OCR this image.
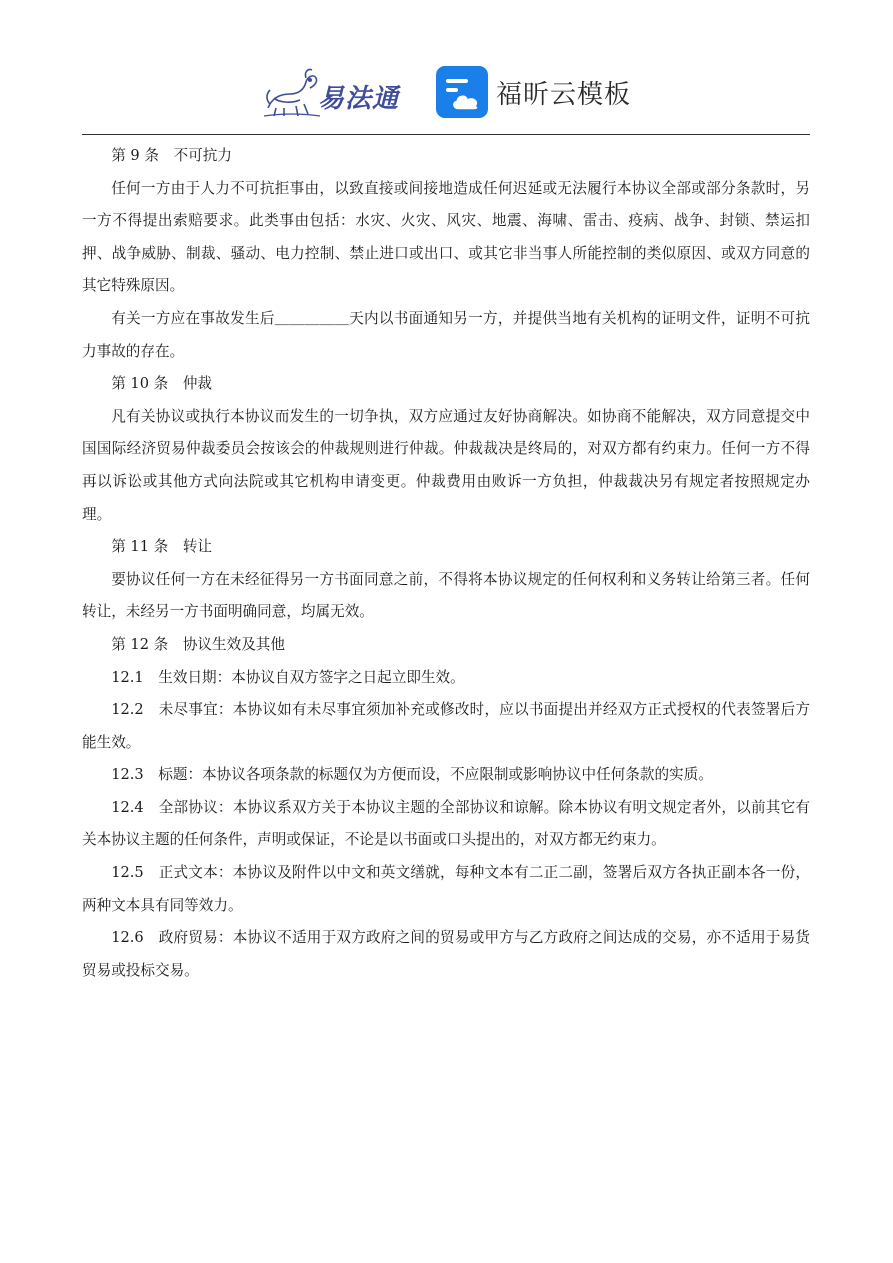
易法通	福昕云模板

第 9 条　不可抗力

任何一方由于人力不可抗拒事由，以致直接或间接地造成任何迟延或无法履行本协议全部或部分条款时，另一方不得提出索赔要求。此类事由包括：水灾、火灾、风灾、地震、海啸、雷击、疫病、战争、封锁、禁运扣押、战争威胁、制裁、骚动、电力控制、禁止进口或出口、或其它非当事人所能控制的类似原因、或双方同意的其它特殊原因。

有关一方应在事故发生后＿＿＿＿＿天内以书面通知另一方，并提供当地有关机构的证明文件，证明不可抗力事故的存在。

第 10 条　仲裁

凡有关协议或执行本协议而发生的一切争执，双方应通过友好协商解决。如协商不能解决，双方同意提交中国国际经济贸易仲裁委员会按该会的仲裁规则进行仲裁。仲裁裁决是终局的，对双方都有约束力。任何一方不得再以诉讼或其他方式向法院或其它机构申请变更。仲裁费用由败诉一方负担，仲裁裁决另有规定者按照规定办理。

第 11 条　转让

要协议任何一方在未经征得另一方书面同意之前，不得将本协议规定的任何权利和义务转让给第三者。任何转让，未经另一方书面明确同意，均属无效。

第 12 条　协议生效及其他

12.1　生效日期：本协议自双方签字之日起立即生效。

12.2　未尽事宜：本协议如有未尽事宜须加补充或修改时，应以书面提出并经双方正式授权的代表签署后方能生效。

12.3　标题：本协议各项条款的标题仅为方便而设，不应限制或影响协议中任何条款的实质。

12.4　全部协议：本协议系双方关于本协议主题的全部协议和谅解。除本协议有明文规定者外，以前其它有关本协议主题的任何条件，声明或保证，不论是以书面或口头提出的，对双方都无约束力。

12.5　正式文本：本协议及附件以中文和英文缮就，每种文本有二正二副，签署后双方各执正副本各一份，两种文本具有同等效力。

12.6　政府贸易：本协议不适用于双方政府之间的贸易或甲方与乙方政府之间达成的交易，亦不适用于易货贸易或投标交易。
